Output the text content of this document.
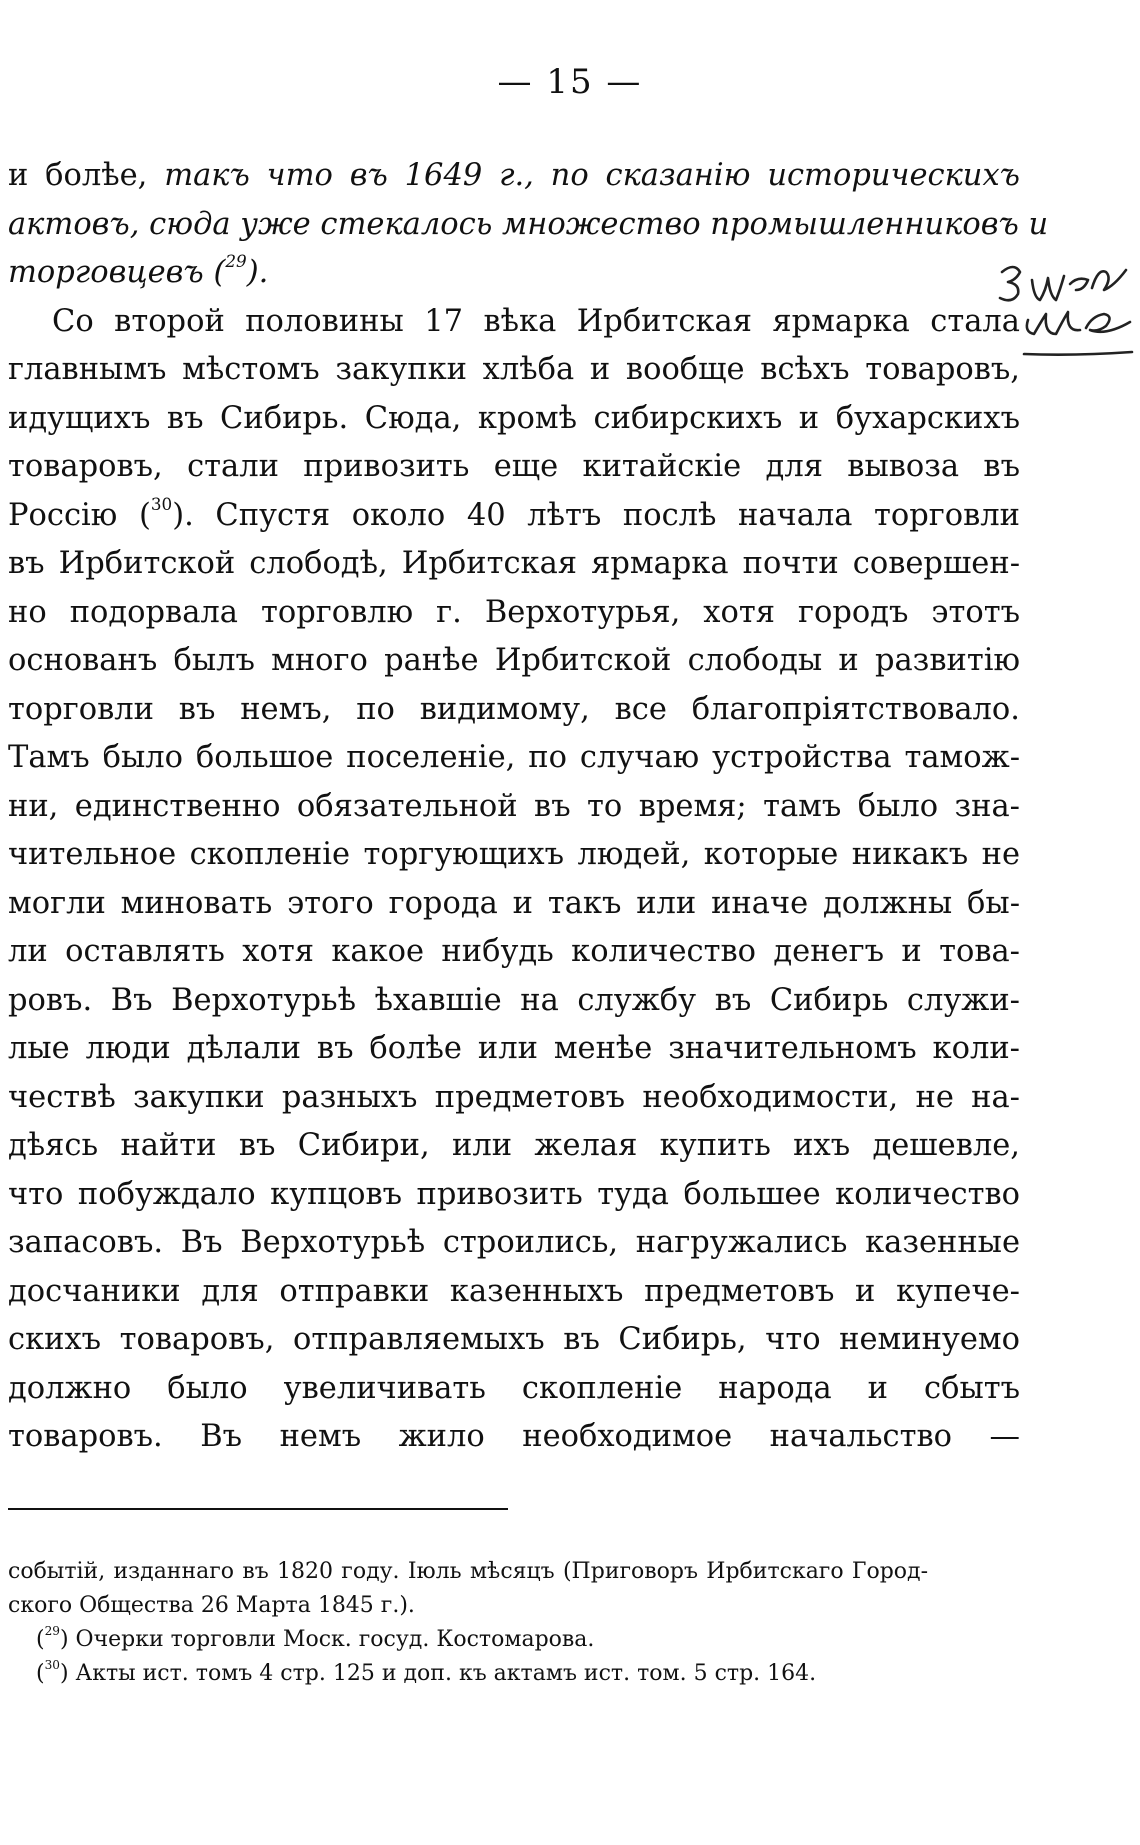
— 15 —
и болѣе, такъ что въ 1649 г., по сказанію историческихъ
актовъ, сюда уже стекалось множество промышленниковъ и
торговцевъ ($^{29}$).
Со второй половины 17 вѣка Ирбитская ярмарка стала
главнымъ мѣстомъ закупки хлѣба и вообще всѣхъ товаровъ,
идущихъ въ Сибирь. Сюда, кромѣ сибирскихъ и бухарскихъ
товаровъ, стали привозить еще китайскіе для вывоза въ
Россію ($^{30}$). Спустя около 40 лѣтъ послѣ начала торговли
въ Ирбитской слободѣ, Ирбитская ярмарка почти совершен-
но подорвала торговлю г. Верхотурья, хотя городъ этотъ
основанъ былъ много ранѣе Ирбитской слободы и развитію
торговли въ немъ, по видимому, все благопріятствовало.
Тамъ было большое поселеніе, по случаю устройства тамож-
ни, единственно обязательной въ то время; тамъ было зна-
чительное скопленіе торгующихъ людей, которые никакъ не
могли миновать этого города и такъ или иначе должны бы-
ли оставлять хотя какое нибудь количество денегъ и това-
ровъ. Въ Верхотурьѣ ѣхавшіе на службу въ Сибирь служи-
лые люди дѣлали въ болѣе или менѣе значительномъ коли-
чествѣ закупки разныхъ предметовъ необходимости, не на-
дѣясь найти въ Сибири, или желая купить ихъ дешевле,
что побуждало купцовъ привозить туда большее количество
запасовъ. Въ Верхотурьѣ строились, нагружались казенные
досчаники для отправки казенныхъ предметовъ и купече-
скихъ товаровъ, отправляемыхъ въ Сибирь, что неминуемо
должно было увеличивать скопленіе народа и сбытъ
товаровъ. Въ немъ жило необходимое начальство —
событій, изданнаго въ 1820 году. Іюль мѣсяцъ (Приговоръ Ирбитскаго Город-
ского Общества 26 Марта 1845 г.).
($^{29}$) Очерки торговли Моск. госуд. Костомарова.
($^{30}$) Акты ист. томъ 4 стр. 125 и доп. къ актамъ ист. том. 5 стр. 164.
